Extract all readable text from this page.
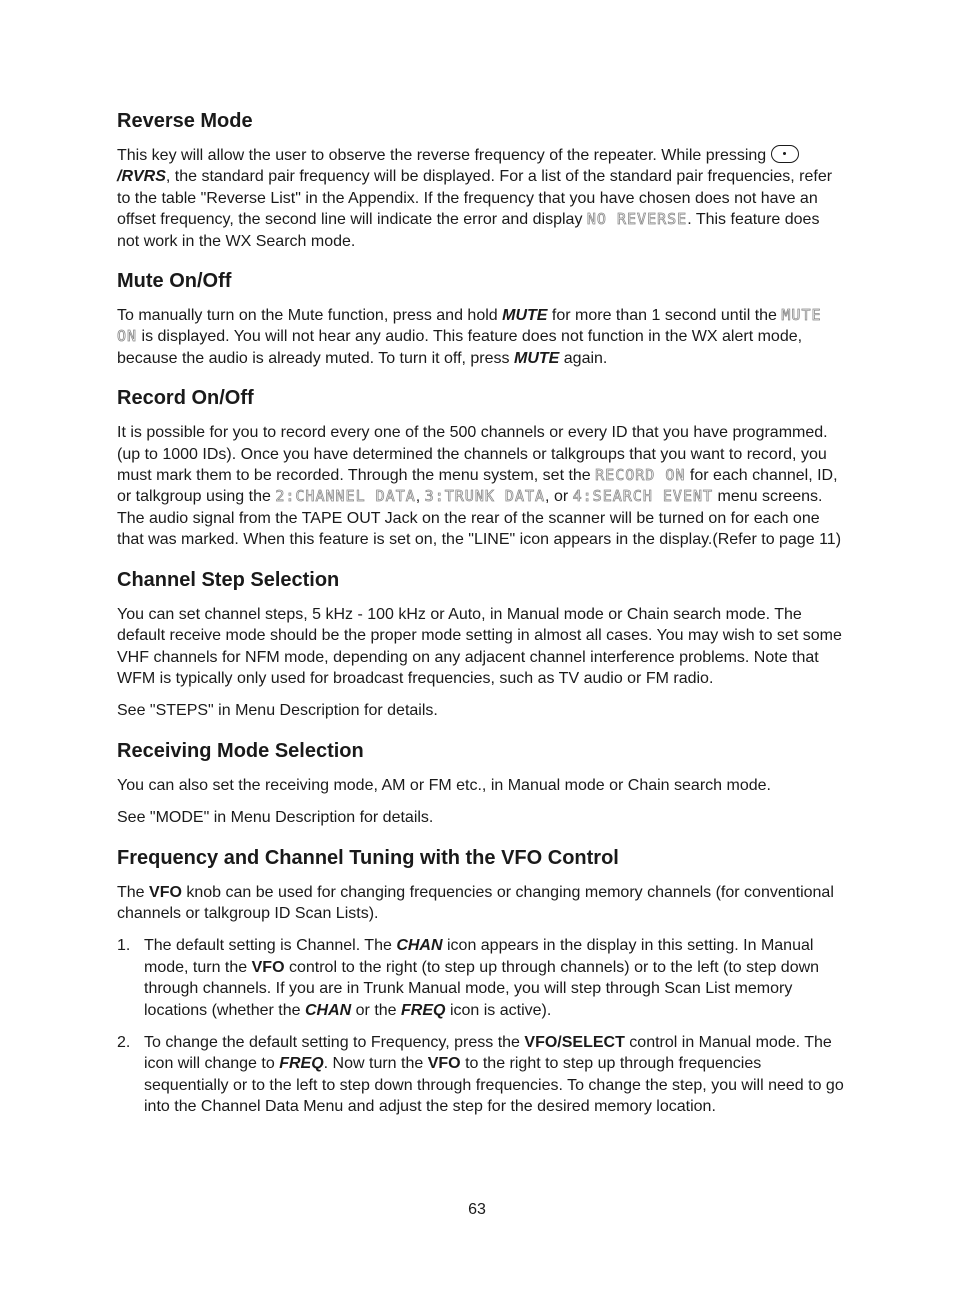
Reverse Mode

This key will allow the user to observe the reverse frequency of the repeater. While pressing /RVRS, the standard pair frequency will be displayed. For a list of the standard pair frequencies, refer to the table "Reverse List" in the Appendix. If the frequency that you have chosen does not have an offset frequency, the second line will indicate the error and display NO REVERSE. This feature does not work in the WX Search mode.

Mute On/Off

To manually turn on the Mute function, press and hold MUTE for more than 1 second until the MUTE ON is displayed. You will not hear any audio. This feature does not function in the WX alert mode, because the audio is already muted. To turn it off, press MUTE again.

Record On/Off

It is possible for you to record every one of the 500 channels or every ID that you have programmed. (up to 1000 IDs). Once you have determined the channels or talkgroups that you want to record, you must mark them to be recorded. Through the menu system, set the RECORD ON for each channel, ID, or talkgroup using the 2:CHANNEL DATA, 3:TRUNK DATA, or 4:SEARCH EVENT menu screens. The audio signal from the TAPE OUT Jack on the rear of the scanner will be turned on for each one that was marked. When this feature is set on, the "LINE" icon appears in the display.(Refer to page 11)

Channel Step Selection

You can set channel steps, 5 kHz - 100 kHz or Auto, in Manual mode or Chain search mode. The default receive mode should be the proper mode setting in almost all cases. You may wish to set some VHF channels for NFM mode, depending on any adjacent channel interference problems. Note that WFM is typically only used for broadcast frequencies, such as TV audio or FM radio.

See "STEPS" in Menu Description for details.

Receiving Mode Selection

You can also set the receiving mode, AM or FM etc., in Manual mode or Chain search mode.

See "MODE" in Menu Description for details.

Frequency and Channel Tuning with the VFO Control

The VFO knob can be used for changing frequencies or changing memory channels (for conventional channels or talkgroup ID Scan Lists).

1. The default setting is Channel. The CHAN icon appears in the display in this setting. In Manual mode, turn the VFO control to the right (to step up through channels) or to the left (to step down through channels. If you are in Trunk Manual mode, you will step through Scan List memory locations (whether the CHAN or the FREQ icon is active).
2. To change the default setting to Frequency, press the VFO/SELECT control in Manual mode. The icon will change to FREQ. Now turn the VFO to the right to step up through frequencies sequentially or to the left to step down through frequencies. To change the step, you will need to go into the Channel Data Menu and adjust the step for the desired memory location.
63
